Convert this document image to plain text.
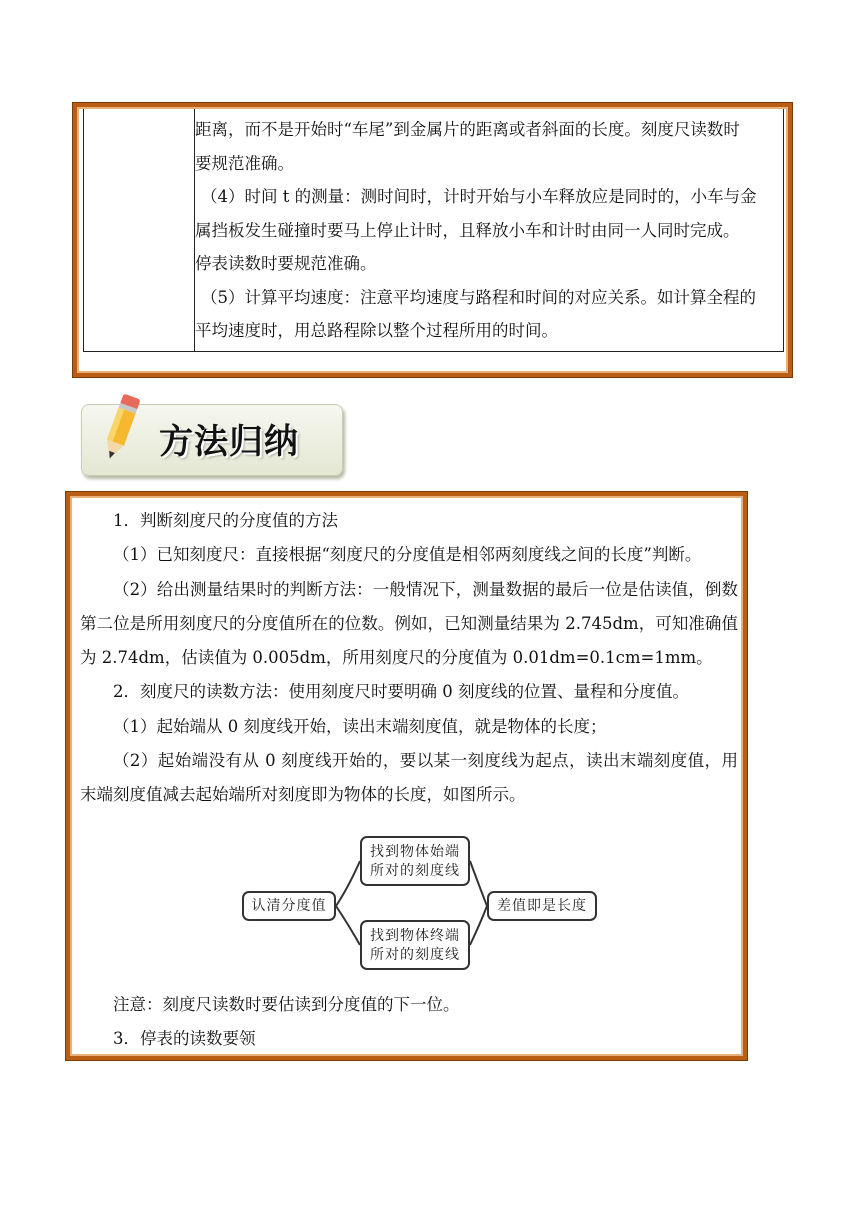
距离，而不是开始时“车尾”到金属片的距离或者斜面的长度。刻度尺读数时

要规范准确。

（4）时间 t 的测量：测时间时，计时开始与小车释放应是同时的，小车与金

属挡板发生碰撞时要马上停止计时，且释放小车和计时由同一人同时完成。

停表读数时要规范准确。

（5）计算平均速度：注意平均速度与路程和时间的对应关系。如计算全程的

平均速度时，用总路程除以整个过程所用的时间。

方法归纳

1．判断刻度尺的分度值的方法

（1）已知刻度尺：直接根据“刻度尺的分度值是相邻两刻度线之间的长度”判断。

（2）给出测量结果时的判断方法：一般情况下，测量数据的最后一位是估读值，倒数第二位是所用刻度尺的分度值所在的位数。例如，已知测量结果为 2.745dm，可知准确值为 2.74dm，估读值为 0.005dm，所用刻度尺的分度值为 0.01dm=0.1cm=1mm。

2．刻度尺的读数方法：使用刻度尺时要明确 0 刻度线的位置、量程和分度值。

（1）起始端从 0 刻度线开始，读出末端刻度值，就是物体的长度；

（2）起始端没有从 0 刻度线开始的，要以某一刻度线为起点，读出末端刻度值，用末端刻度值减去起始端所对刻度即为物体的长度，如图所示。

认清分度值
找到物体始端
所对的刻度线
找到物体终端
所对的刻度线
差值即是长度

注意：刻度尺读数时要估读到分度值的下一位。

3．停表的读数要领
